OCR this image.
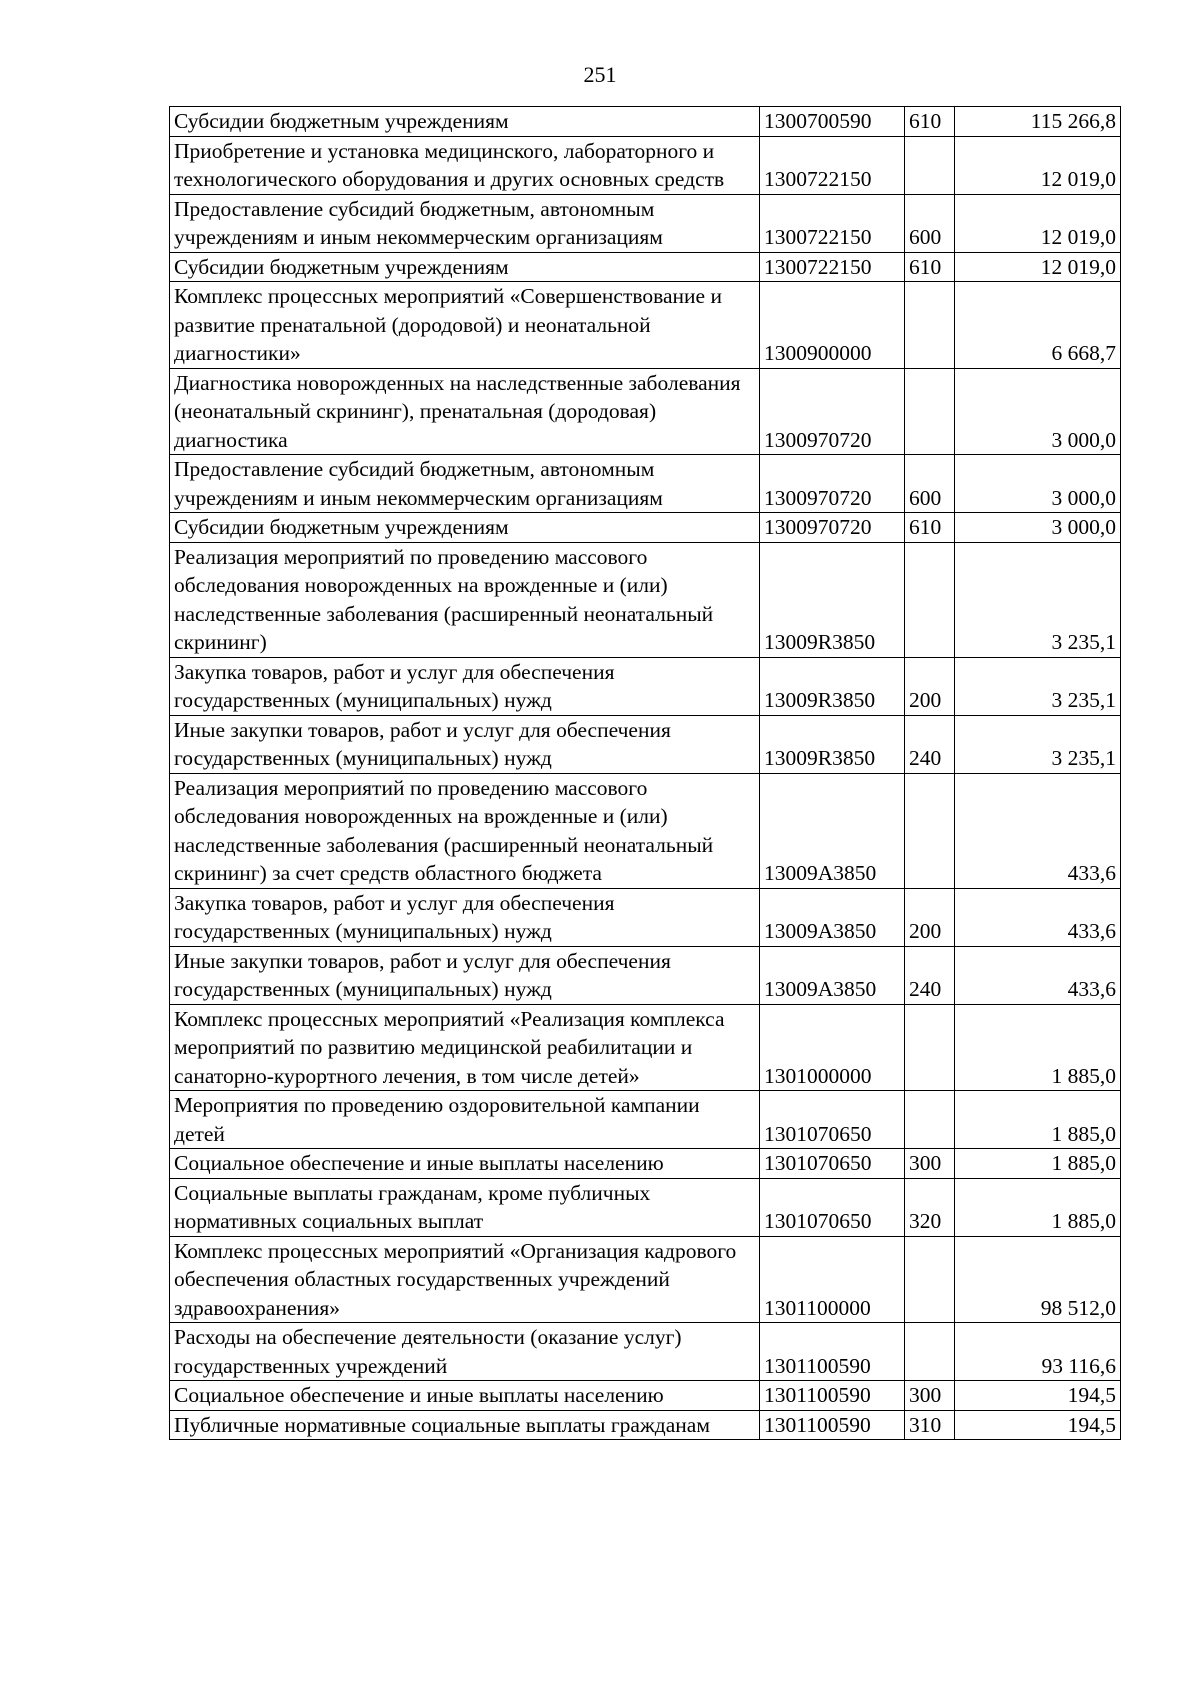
251
Субсидии бюджетным учреждениям	1300700590	610	115 266,8
Приобретение и установка медицинского, лабораторного и технологического оборудования и других основных средств	1300722150		12 019,0
Предоставление субсидий бюджетным, автономным учреждениям и иным некоммерческим организациям	1300722150	600	12 019,0
Субсидии бюджетным учреждениям	1300722150	610	12 019,0
Комплекс процессных мероприятий «Совершенствование и развитие пренатальной (дородовой) и неонатальной диагностики»	1300900000		6 668,7
Диагностика новорожденных на наследственные заболевания (неонатальный скрининг), пренатальная (дородовая) диагностика	1300970720		3 000,0
Предоставление субсидий бюджетным, автономным учреждениям и иным некоммерческим организациям	1300970720	600	3 000,0
Субсидии бюджетным учреждениям	1300970720	610	3 000,0
Реализация мероприятий по проведению массового обследования новорожденных на врожденные и (или) наследственные заболевания (расширенный неонатальный скрининг)	13009R3850		3 235,1
Закупка товаров, работ и услуг для обеспечения государственных (муниципальных) нужд	13009R3850	200	3 235,1
Иные закупки товаров, работ и услуг для обеспечения государственных (муниципальных) нужд	13009R3850	240	3 235,1
Реализация мероприятий по проведению массового обследования новорожденных на врожденные и (или) наследственные заболевания (расширенный неонатальный скрининг) за счет средств областного бюджета	13009A3850		433,6
Закупка товаров, работ и услуг для обеспечения государственных (муниципальных) нужд	13009A3850	200	433,6
Иные закупки товаров, работ и услуг для обеспечения государственных (муниципальных) нужд	13009A3850	240	433,6
Комплекс процессных мероприятий «Реализация комплекса мероприятий по развитию медицинской реабилитации и санаторно-курортного лечения, в том числе детей»	1301000000		1 885,0
Мероприятия по проведению оздоровительной кампании детей	1301070650		1 885,0
Социальное обеспечение и иные выплаты населению	1301070650	300	1 885,0
Социальные выплаты гражданам, кроме публичных нормативных социальных выплат	1301070650	320	1 885,0
Комплекс процессных мероприятий «Организация кадрового обеспечения областных государственных учреждений здравоохранения»	1301100000		98 512,0
Расходы на обеспечение деятельности (оказание услуг) государственных учреждений	1301100590		93 116,6
Социальное обеспечение и иные выплаты населению	1301100590	300	194,5
Публичные нормативные социальные выплаты гражданам	1301100590	310	194,5
